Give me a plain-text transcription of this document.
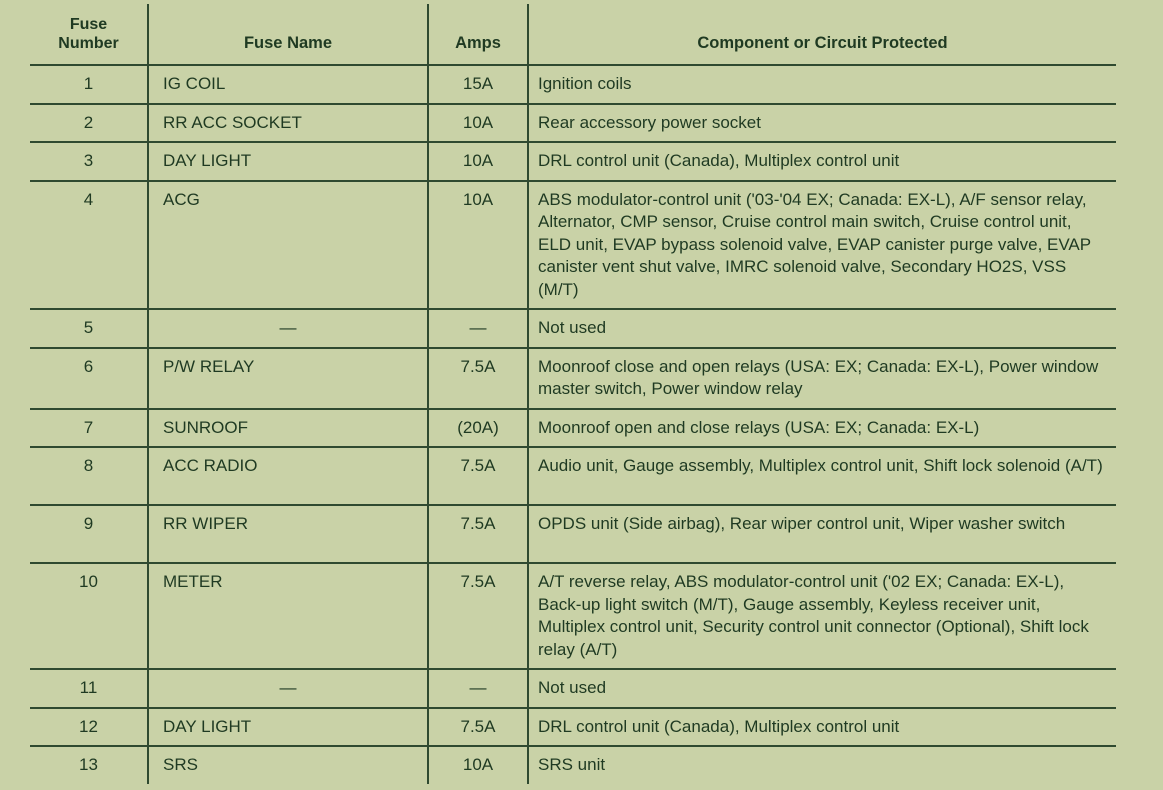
Fuse
Number	Fuse Name	Amps	Component or Circuit Protected
1	IG COIL	15A	Ignition coils
2	RR ACC SOCKET	10A	Rear accessory power socket
3	DAY LIGHT	10A	DRL control unit (Canada), Multiplex control unit
4	ACG	10A	ABS modulator-control unit ('03-'04 EX; Canada: EX-L), A/F sensor relay, Alternator, CMP sensor, Cruise control main switch, Cruise control unit, ELD unit, EVAP bypass solenoid valve, EVAP canister purge valve, EVAP canister vent shut valve, IMRC solenoid valve, Secondary HO2S, VSS (M/T)
5	—	—	Not used
6	P/W RELAY	7.5A	Moonroof close and open relays (USA: EX; Canada: EX-L), Power window master switch, Power window relay
7	SUNROOF	(20A)	Moonroof open and close relays (USA: EX; Canada: EX-L)
8	ACC RADIO	7.5A	Audio unit, Gauge assembly, Multiplex control unit, Shift lock solenoid (A/T)
9	RR WIPER	7.5A	OPDS unit (Side airbag), Rear wiper control unit, Wiper washer switch
10	METER	7.5A	A/T reverse relay, ABS modulator-control unit ('02 EX; Canada: EX-L), Back-up light switch (M/T), Gauge assembly, Keyless receiver unit, Multiplex control unit, Security control unit connector (Optional), Shift lock relay (A/T)
11	—	—	Not used
12	DAY LIGHT	7.5A	DRL control unit (Canada), Multiplex control unit
13	SRS	10A	SRS unit
